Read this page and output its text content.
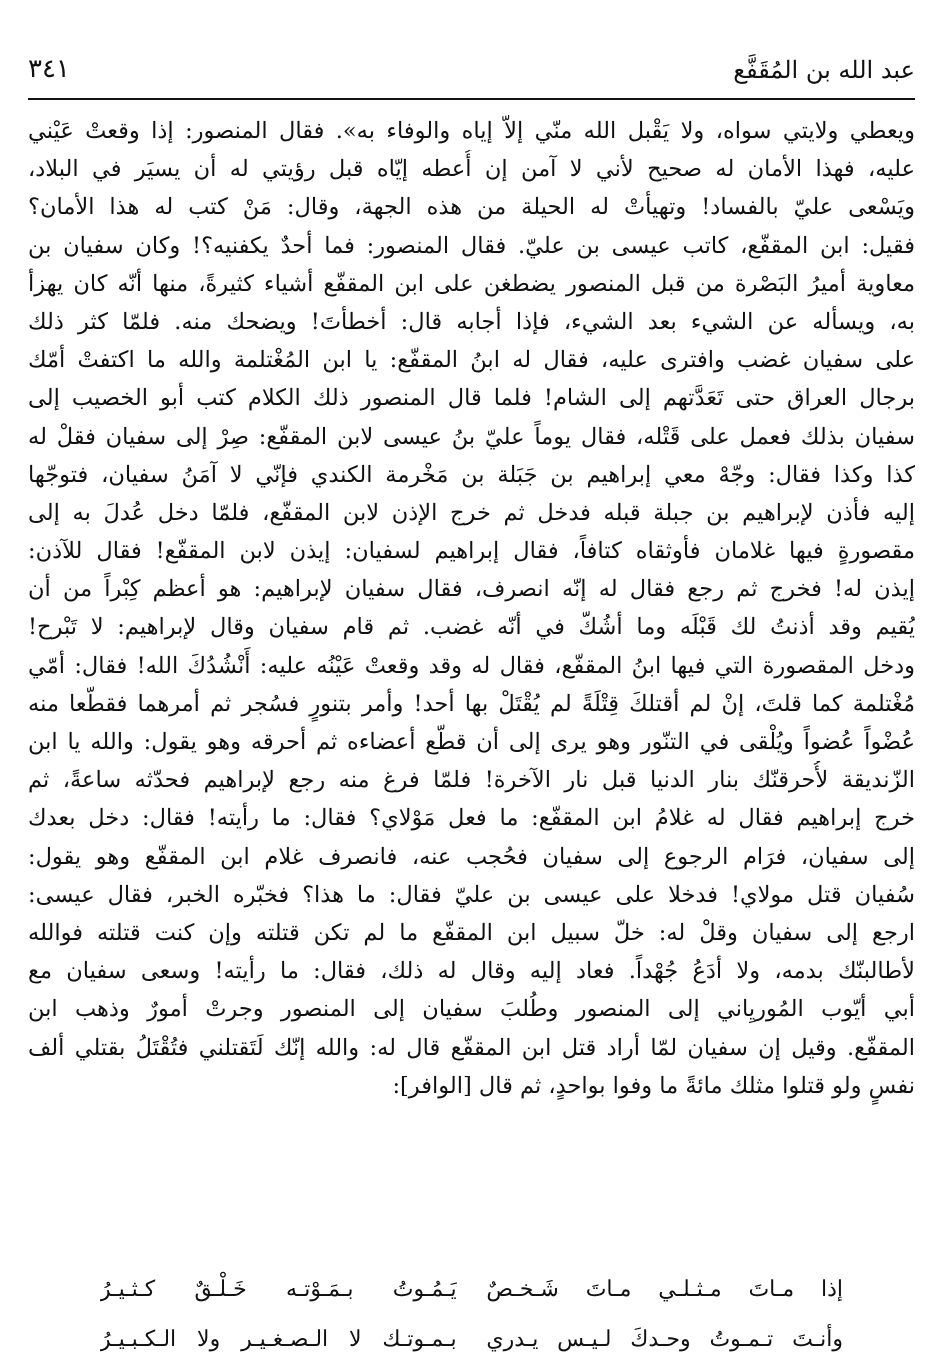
عبد الله بن المُقَفَّع
٣٤١
ويعطي ولايتي سواه، ولا يَقْبل الله منّي إلاّ إياه والوفاء به». فقال المنصور: إذا وقعتْ عَيْني
عليه، فهذا الأمان له صحيح لأني لا آمن إن أُعطه إيّاه قبل رؤيتي له أن يسيَر في البلاد،
ويَسْعى عليّ بالفساد! وتهيأتْ له الحيلة من هذه الجهة، وقال: مَنْ كتب له هذا الأمان؟
فقيل: ابن المقفّع، كاتب عيسى بن عليّ. فقال المنصور: فما أحدٌ يكفنيه؟! وكان سفيان بن
معاوية أميرُ البَصْرة من قبل المنصور يضطغن على ابن المقفّع أشياء كثيرةً، منها أنّه كان يهزأ
به، ويسأله عن الشيء بعد الشيء، فإذا أجابه قال: أخطأتَ! ويضحك منه. فلمّا كثر ذلك
على سفيان غضب وافترى عليه، فقال له ابنُ المقفّع: يا ابن المُغْتلمة والله ما اكتفتْ أمّك
برجال العراق حتى تَعَدَّتهم إلى الشام! فلما قال المنصور ذلك الكلام كتب أبو الخصيب إلى
سفيان بذلك فعمل على قَتْله، فقال يوماً عليّ بنُ عيسى لابن المقفّع: صِرْ إلى سفيان فقلْ له
كذا وكذا فقال: وجّهْ معي إبراهيم بن جَبَلة بن مَخْرمة الكندي فإنّي لا آمَنُ سفيان، فتوجّها
إليه فأذن لإبراهيم بن جبلة قبله فدخل ثم خرج الإذن لابن المقفّع، فلمّا دخل عُدلَ به إلى
مقصورةٍ فيها غلامان فأوثقاه كتافاً، فقال إبراهيم لسفيان: إيذن لابن المقفّع! فقال للآذن:
إيذن له! فخرج ثم رجع فقال له إنّه انصرف، فقال سفيان لإبراهيم: هو أعظم كِبْراً من أن
يُقيم وقد أذنتُ لك قَبْلَه وما أشُكّ في أنّه غضب. ثم قام سفيان وقال لإبراهيم: لا تَبْرح!
ودخل المقصورة التي فيها ابنُ المقفّع، فقال له وقد وقعتْ عَيْنُه عليه: أَنْشُدُكَ الله! فقال: أمّي
مُغْتلمة كما قلتَ، إنْ لم أقتلكَ قِتْلَةً لم يُقْتَلْ بها أحد! وأمر بتنورٍ فسُجر ثم أمرهما فقطّعا منه
عُضْواً عُضواً ويُلْقى في التنّور وهو يرى إلى أن قطّع أعضاءه ثم أحرقه وهو يقول: والله يا ابن
الزّنديقة لأُحرقنّك بنار الدنيا قبل نار الآخرة! فلمّا فرغ منه رجع لإبراهيم فحدّثه ساعةً، ثم
خرج إبراهيم فقال له غلامُ ابن المقفّع: ما فعل مَوْلاي؟ فقال: ما رأيته! فقال: دخل بعدك
إلى سفيان، فرَام الرجوع إلى سفيان فحُجب عنه، فانصرف غلام ابن المقفّع وهو يقول:
سُفيان قتل مولاي! فدخلا على عيسى بن عليّ فقال: ما هذا؟ فخبّره الخبر، فقال عيسى:
ارجع إلى سفيان وقلْ له: خلّ سبيل ابن المقفّع ما لم تكن قتلته وإن كنت قتلته فوالله
لأطالبنّك بدمه، ولا أدَعُ جُهْداً. فعاد إليه وقال له ذلك، فقال: ما رأيته! وسعى سفيان مع
أبي أيّوب المُوريِاني إلى المنصور وطُلبَ سفيان إلى المنصور وجرتْ أمورٌ وذهب ابن
المقفّع. وقيل إن سفيان لمّا أراد قتل ابن المقفّع قال له: والله إنّك لَتَقتلني فتُقْتَلُ بقتلي ألف
نفسٍ ولو قتلوا مثلك مائةً ما وفوا بواحدٍ، ثم قال [الوافر]:
إذا مـاتَ مـثـلـي مـاتَ شَـخـصٌ
يَـمُـوتُ بـمَـوْتـه خَـلْـقٌ كـثـيـرُ
وأنـتَ تـمـوتُ وحـدكَ لـيـس يـدري
بـمـوتـك لا الـصـغـيـر ولا الـكـبـيـرُ
